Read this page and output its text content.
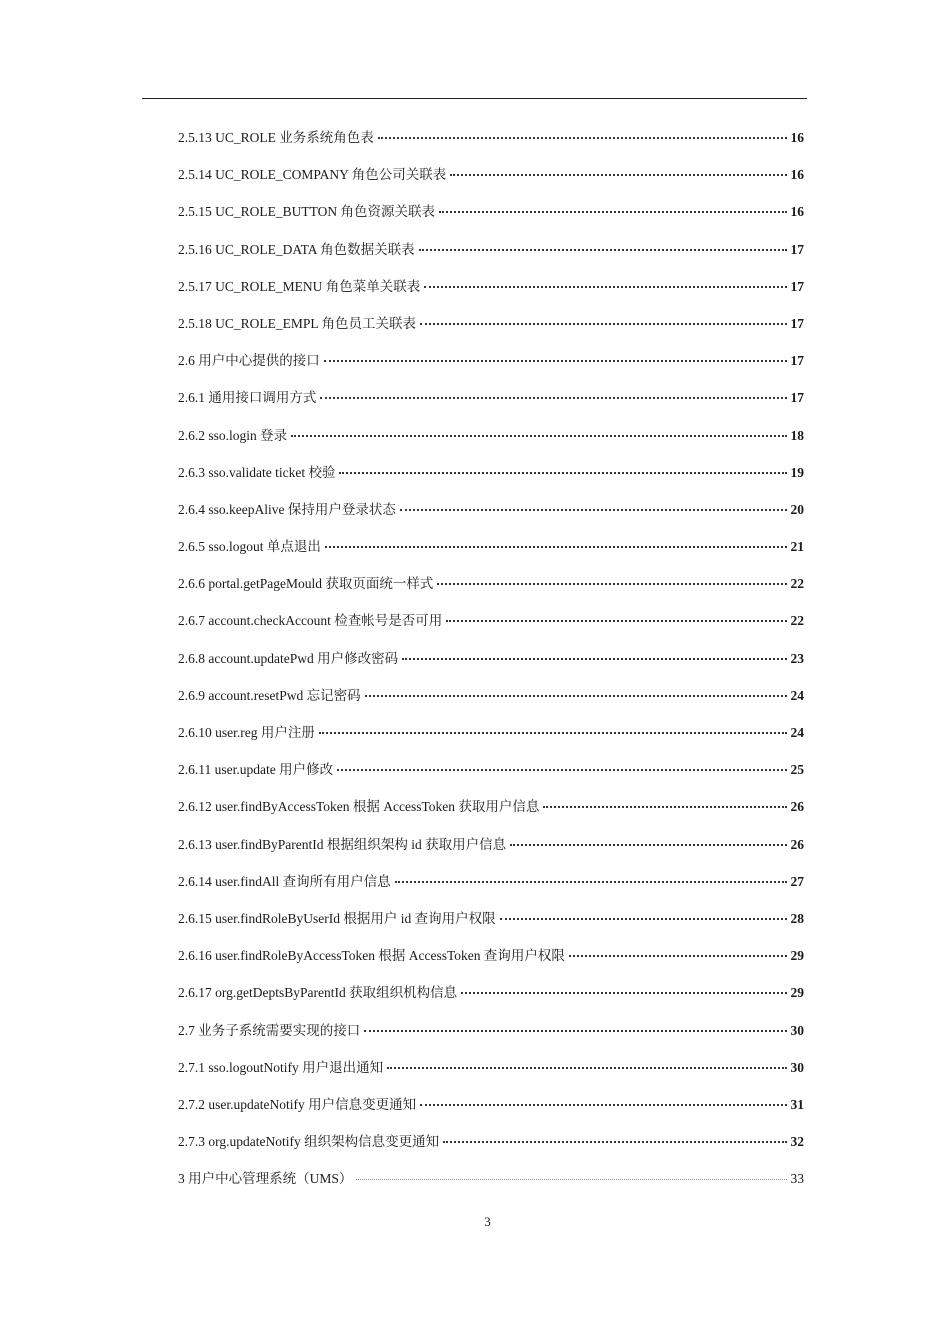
2.5.13 UC_ROLE 业务系统角色表	16
2.5.14 UC_ROLE_COMPANY 角色公司关联表	16
2.5.15 UC_ROLE_BUTTON 角色资源关联表	16
2.5.16 UC_ROLE_DATA 角色数据关联表	17
2.5.17 UC_ROLE_MENU 角色菜单关联表	17
2.5.18 UC_ROLE_EMPL 角色员工关联表	17
2.6 用户中心提供的接口	17
2.6.1 通用接口调用方式	17
2.6.2 sso.login 登录	18
2.6.3 sso.validate ticket 校验	19
2.6.4 sso.keepAlive 保持用户登录状态	20
2.6.5 sso.logout 单点退出	21
2.6.6 portal.getPageMould 获取页面统一样式	22
2.6.7 account.checkAccount 检查帐号是否可用	22
2.6.8 account.updatePwd 用户修改密码	23
2.6.9 account.resetPwd 忘记密码	24
2.6.10 user.reg 用户注册	24
2.6.11 user.update 用户修改	25
2.6.12 user.findByAccessToken 根据 AccessToken 获取用户信息	26
2.6.13 user.findByParentId 根据组织架构 id 获取用户信息	26
2.6.14 user.findAll 查询所有用户信息	27
2.6.15 user.findRoleByUserId 根据用户 id 查询用户权限	28
2.6.16 user.findRoleByAccessToken 根据 AccessToken 查询用户权限	29
2.6.17 org.getDeptsByParentId 获取组织机构信息	29
2.7 业务子系统需要实现的接口	30
2.7.1 sso.logoutNotify 用户退出通知	30
2.7.2 user.updateNotify 用户信息变更通知	31
2.7.3 org.updateNotify 组织架构信息变更通知	32
3 用户中心管理系统（UMS）	33
3
